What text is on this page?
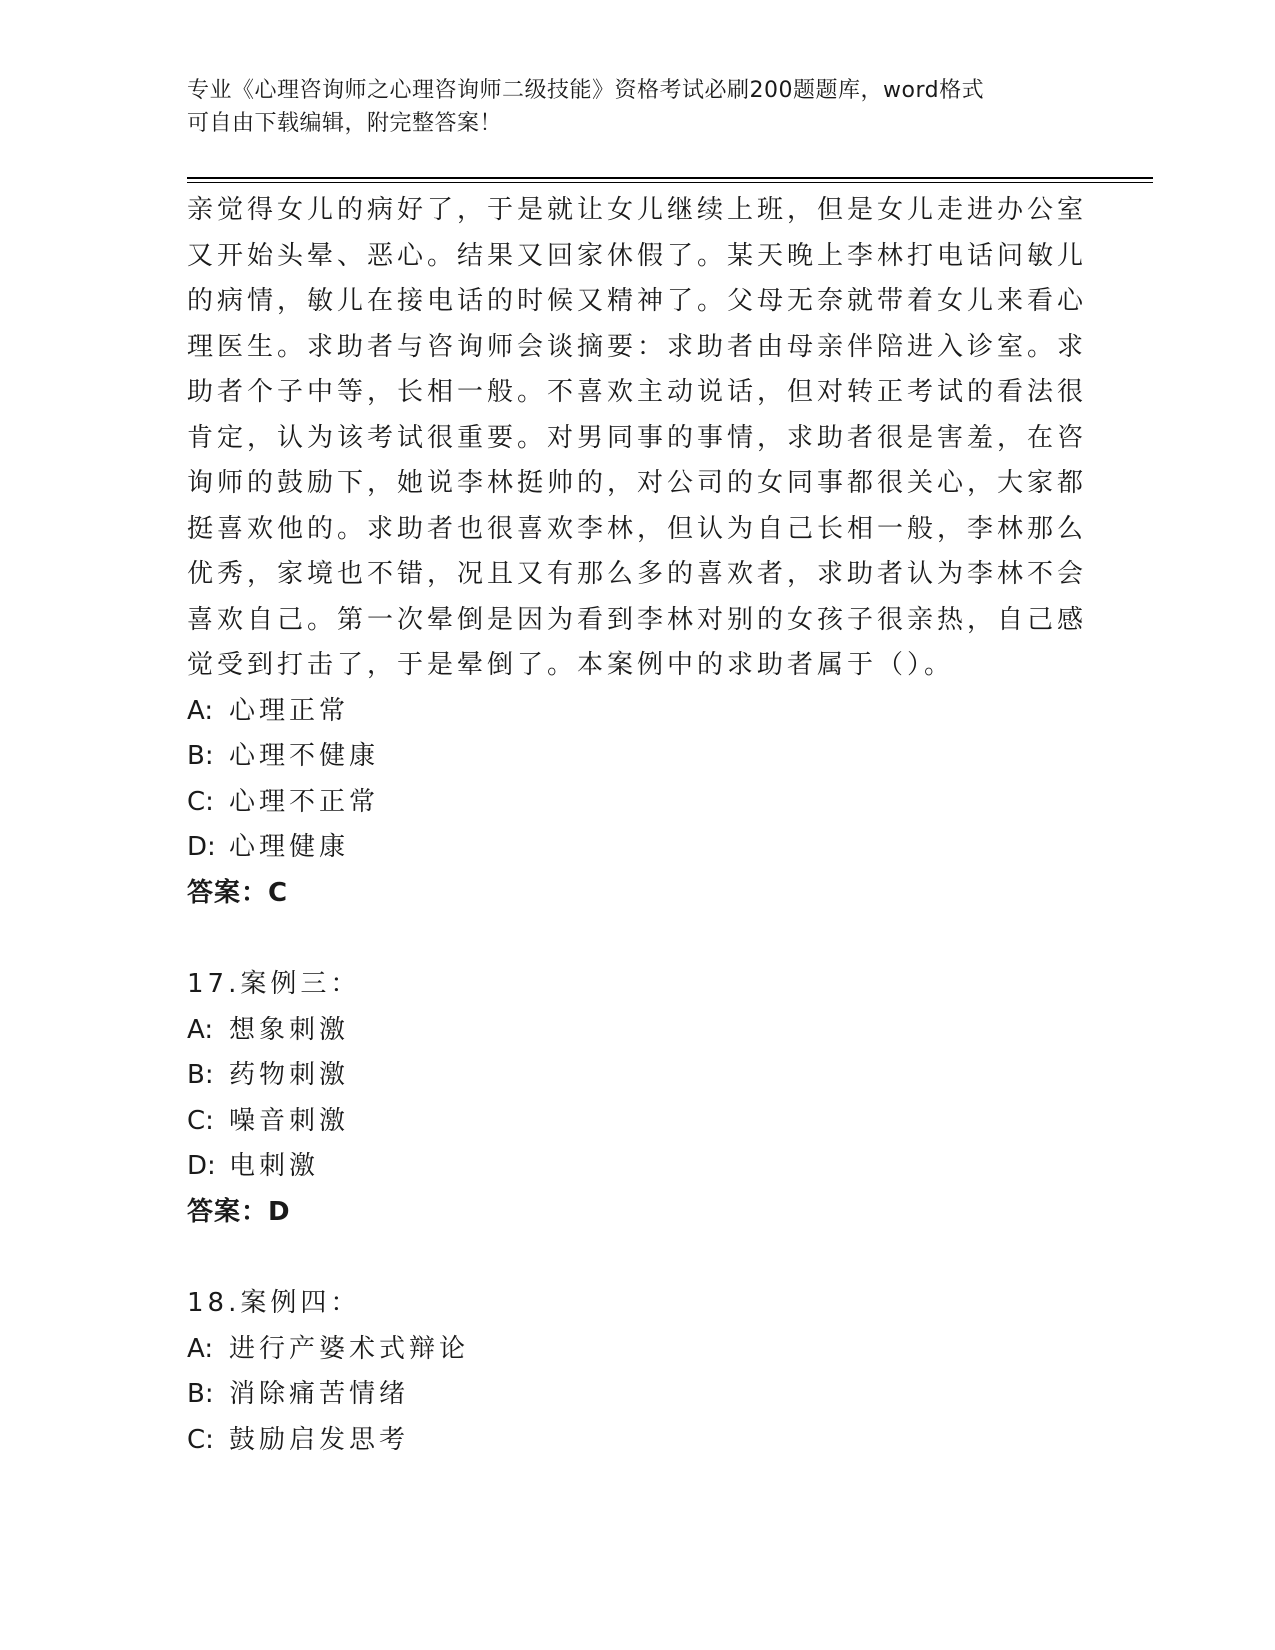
专业《心理咨询师之心理咨询师二级技能》资格考试必刷200题题库，word格式
可自由下载编辑，附完整答案！
亲觉得女儿的病好了，于是就让女儿继续上班，但是女儿走进办公室
又开始头晕、恶心。结果又回家休假了。某天晚上李林打电话问敏儿
的病情，敏儿在接电话的时候又精神了。父母无奈就带着女儿来看心
理医生。求助者与咨询师会谈摘要：求助者由母亲伴陪进入诊室。求
助者个子中等，长相一般。不喜欢主动说话，但对转正考试的看法很
肯定，认为该考试很重要。对男同事的事情，求助者很是害羞，在咨
询师的鼓励下，她说李林挺帅的，对公司的女同事都很关心，大家都
挺喜欢他的。求助者也很喜欢李林，但认为自己长相一般，李林那么
优秀，家境也不错，况且又有那么多的喜欢者，求助者认为李林不会
喜欢自己。第一次晕倒是因为看到李林对别的女孩子很亲热，自己感
觉受到打击了，于是晕倒了。本案例中的求助者属于（）。
A: 心理正常
B: 心理不健康
C: 心理不正常
D: 心理健康
答案：C
17.案例三：
A: 想象刺激
B: 药物刺激
C: 噪音刺激
D: 电刺激
答案：D
18.案例四：
A: 进行产婆术式辩论
B: 消除痛苦情绪
C: 鼓励启发思考
